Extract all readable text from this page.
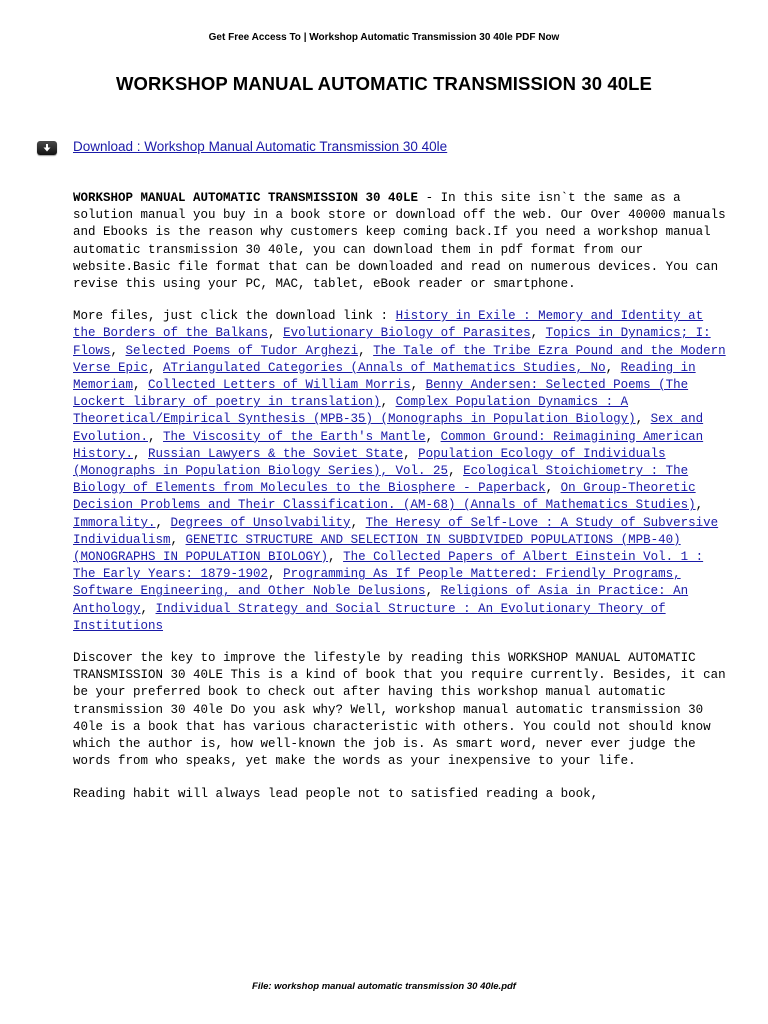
Get Free Access To | Workshop Automatic Transmission 30 40le PDF Now
WORKSHOP MANUAL AUTOMATIC TRANSMISSION 30 40LE
Download : Workshop Manual Automatic Transmission 30 40le

WORKSHOP MANUAL AUTOMATIC TRANSMISSION 30 40LE - In this site isn`t the same as a solution manual you buy in a book store or download off the web. Our Over 40000 manuals and Ebooks is the reason why customers keep coming back.If you need a workshop manual automatic transmission 30 40le, you can download them in pdf format from our website.Basic file format that can be downloaded and read on numerous devices. You can revise this using your PC, MAC, tablet, eBook reader or smartphone.

More files, just click the download link : History in Exile : Memory and Identity at the Borders of the Balkans, Evolutionary Biology of Parasites, Topics in Dynamics; I: Flows, Selected Poems of Tudor Arghezi, The Tale of the Tribe Ezra Pound and the Modern Verse Epic, ATriangulated Categories (Annals of Mathematics Studies, No, Reading in Memoriam, Collected Letters of William Morris, Benny Andersen: Selected Poems (The Lockert library of poetry in translation), Complex Population Dynamics : A Theoretical/Empirical Synthesis (MPB-35) (Monographs in Population Biology), Sex and Evolution., The Viscosity of the Earth's Mantle, Common Ground: Reimagining American History., Russian Lawyers & the Soviet State, Population Ecology of Individuals (Monographs in Population Biology Series), Vol. 25, Ecological Stoichiometry : The Biology of Elements from Molecules to the Biosphere - Paperback, On Group-Theoretic Decision Problems and Their Classification. (AM-68) (Annals of Mathematics Studies), Immorality., Degrees of Unsolvability, The Heresy of Self-Love : A Study of Subversive Individualism, GENETIC STRUCTURE AND SELECTION IN SUBDIVIDED POPULATIONS (MPB-40) (MONOGRAPHS IN POPULATION BIOLOGY), The Collected Papers of Albert Einstein Vol. 1 : The Early Years: 1879-1902, Programming As If People Mattered: Friendly Programs, Software Engineering, and Other Noble Delusions, Religions of Asia in Practice: An Anthology, Individual Strategy and Social Structure : An Evolutionary Theory of Institutions

Discover the key to improve the lifestyle by reading this WORKSHOP MANUAL AUTOMATIC TRANSMISSION 30 40LE This is a kind of book that you require currently. Besides, it can be your preferred book to check out after having this workshop manual automatic transmission 30 40le Do you ask why? Well, workshop manual automatic transmission 30 40le is a book that has various characteristic with others. You could not should know which the author is, how well-known the job is. As smart word, never ever judge the words from who speaks, yet make the words as your inexpensive to your life.

Reading habit will always lead people not to satisfied reading a book,

File: workshop manual automatic transmission 30 40le.pdf
